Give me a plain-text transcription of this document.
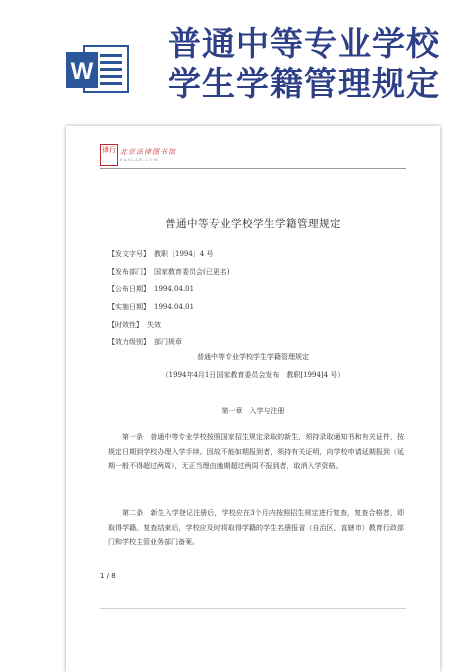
W
普通中等专业学校
学生学籍管理规定
律行 北京法律图书馆
FAXLAW.COM
普通中等专业学校学生学籍管理规定
【发文字号】 教职〔1994〕4 号
【发布部门】 国家教育委员会(已更名)
【公布日期】 1994.04.01
【实施日期】 1994.04.01
【时效性】 失效
【效力级别】 部门规章
普通中等专业学校学生学籍管理规定
（1994年4月1日国家教育委员会发布　教职[1994]4 号）
第一章　入学与注册
第一条　普通中等专业学校按照国家招生规定录取的新生，须持录取通知书和有关证件，按规定日期到学校办理入学手续。因故不能如期报到者，须持有关证明，向学校申请延期报到（延期一般不得超过两周），无正当理由逾期超过两周不报到者，取消入学资格。
第二条　新生入学登记注册后，学校应在3个月内按照招生规定进行复查，复查合格者，即取得学籍。复查结束后，学校应及时将取得学籍的学生名册报省（自治区、直辖市）教育行政部门和学校主管业务部门备案。
1 / 8
